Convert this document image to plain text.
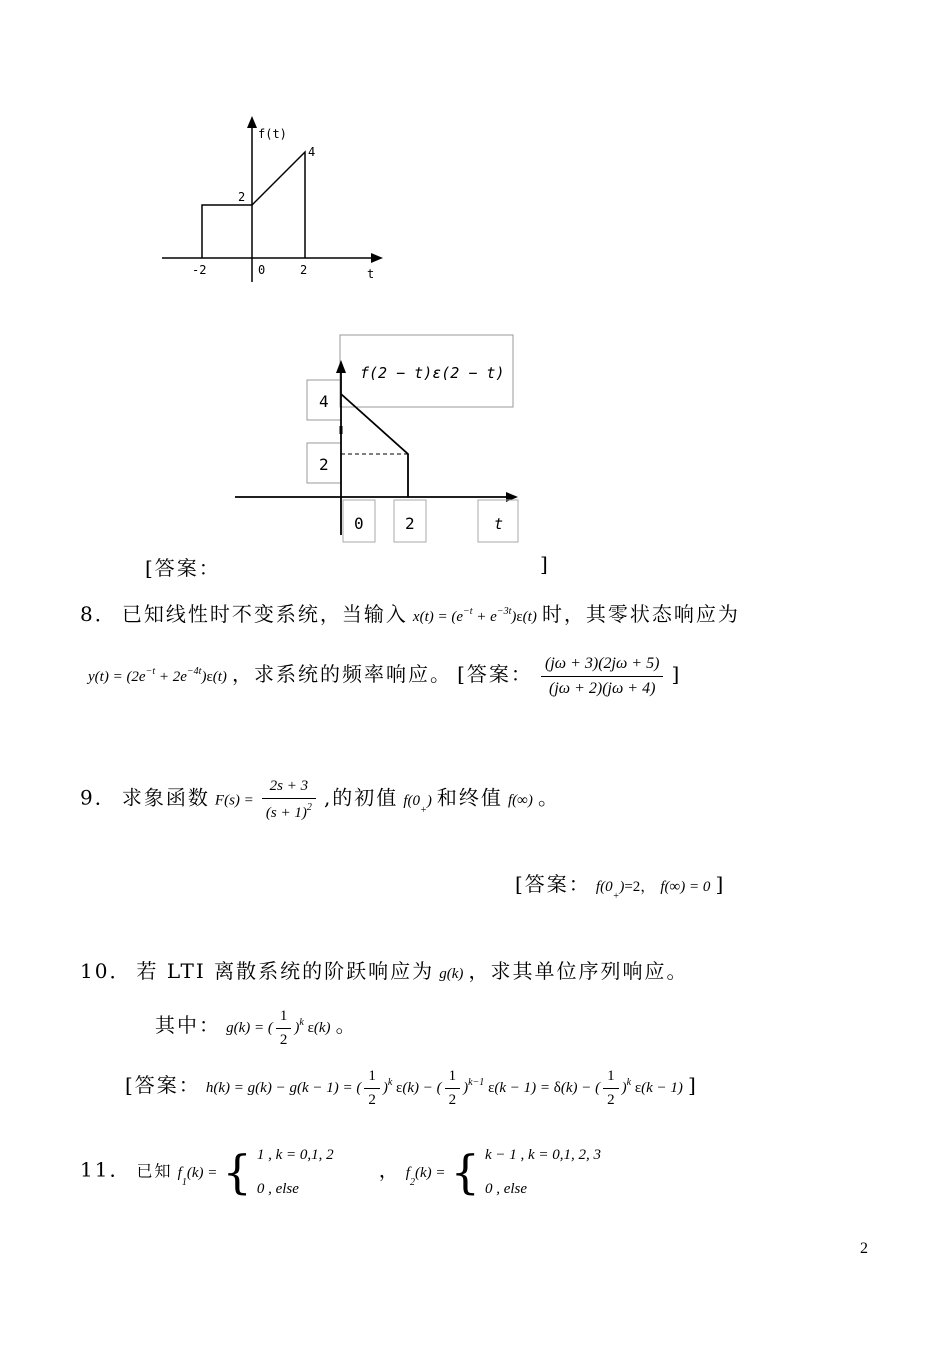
f(t)
2
4
-2	0	2	t
f(2 − t)ε(2 − t)
4
2
0	2	t
[答案：	]
8． 已知线性时不变系统，当输入 $x(t) = (e^{-t} + e^{-3t})\varepsilon(t)$ 时，其零状态响应为
$y(t) = (2e^{-t} + 2e^{-4t})\varepsilon(t)$ ，求系统的频率响应。 [答案： $\frac{(j\omega + 3)(2j\omega + 5)}{(j\omega + 2)(j\omega + 4)}$ ]
9． 求象函数 $F(s) = \frac{2s + 3}{(s + 1)^2}$ ,的初值 $f(0_+)$ 和终值 f(∞) 。
[答案： $f(0_+)=2$， f(∞) = 0 ]
10． 若 LTI 离散系统的阶跃响应为 g(k) ，求其单位序列响应。
其中： g(k) = ( $\frac{1}{2} )^k$ ε(k) 。
[答案： h(k) = g(k) − g(k − 1) = ( $\frac{1}{2} )^k$ ε(k) − ( $\frac{1}{2} )^{k-1}$ ε(k − 1) = δ(k) − ( $\frac{1}{2} )^k$ ε(k − 1) ]
11． 已知 $f_1(k)$ = { 1 , k = 0,1, 2
0 , else
， $f_2(k)$ = { k − 1 , k = 0,1, 2, 3
0 , else
2
